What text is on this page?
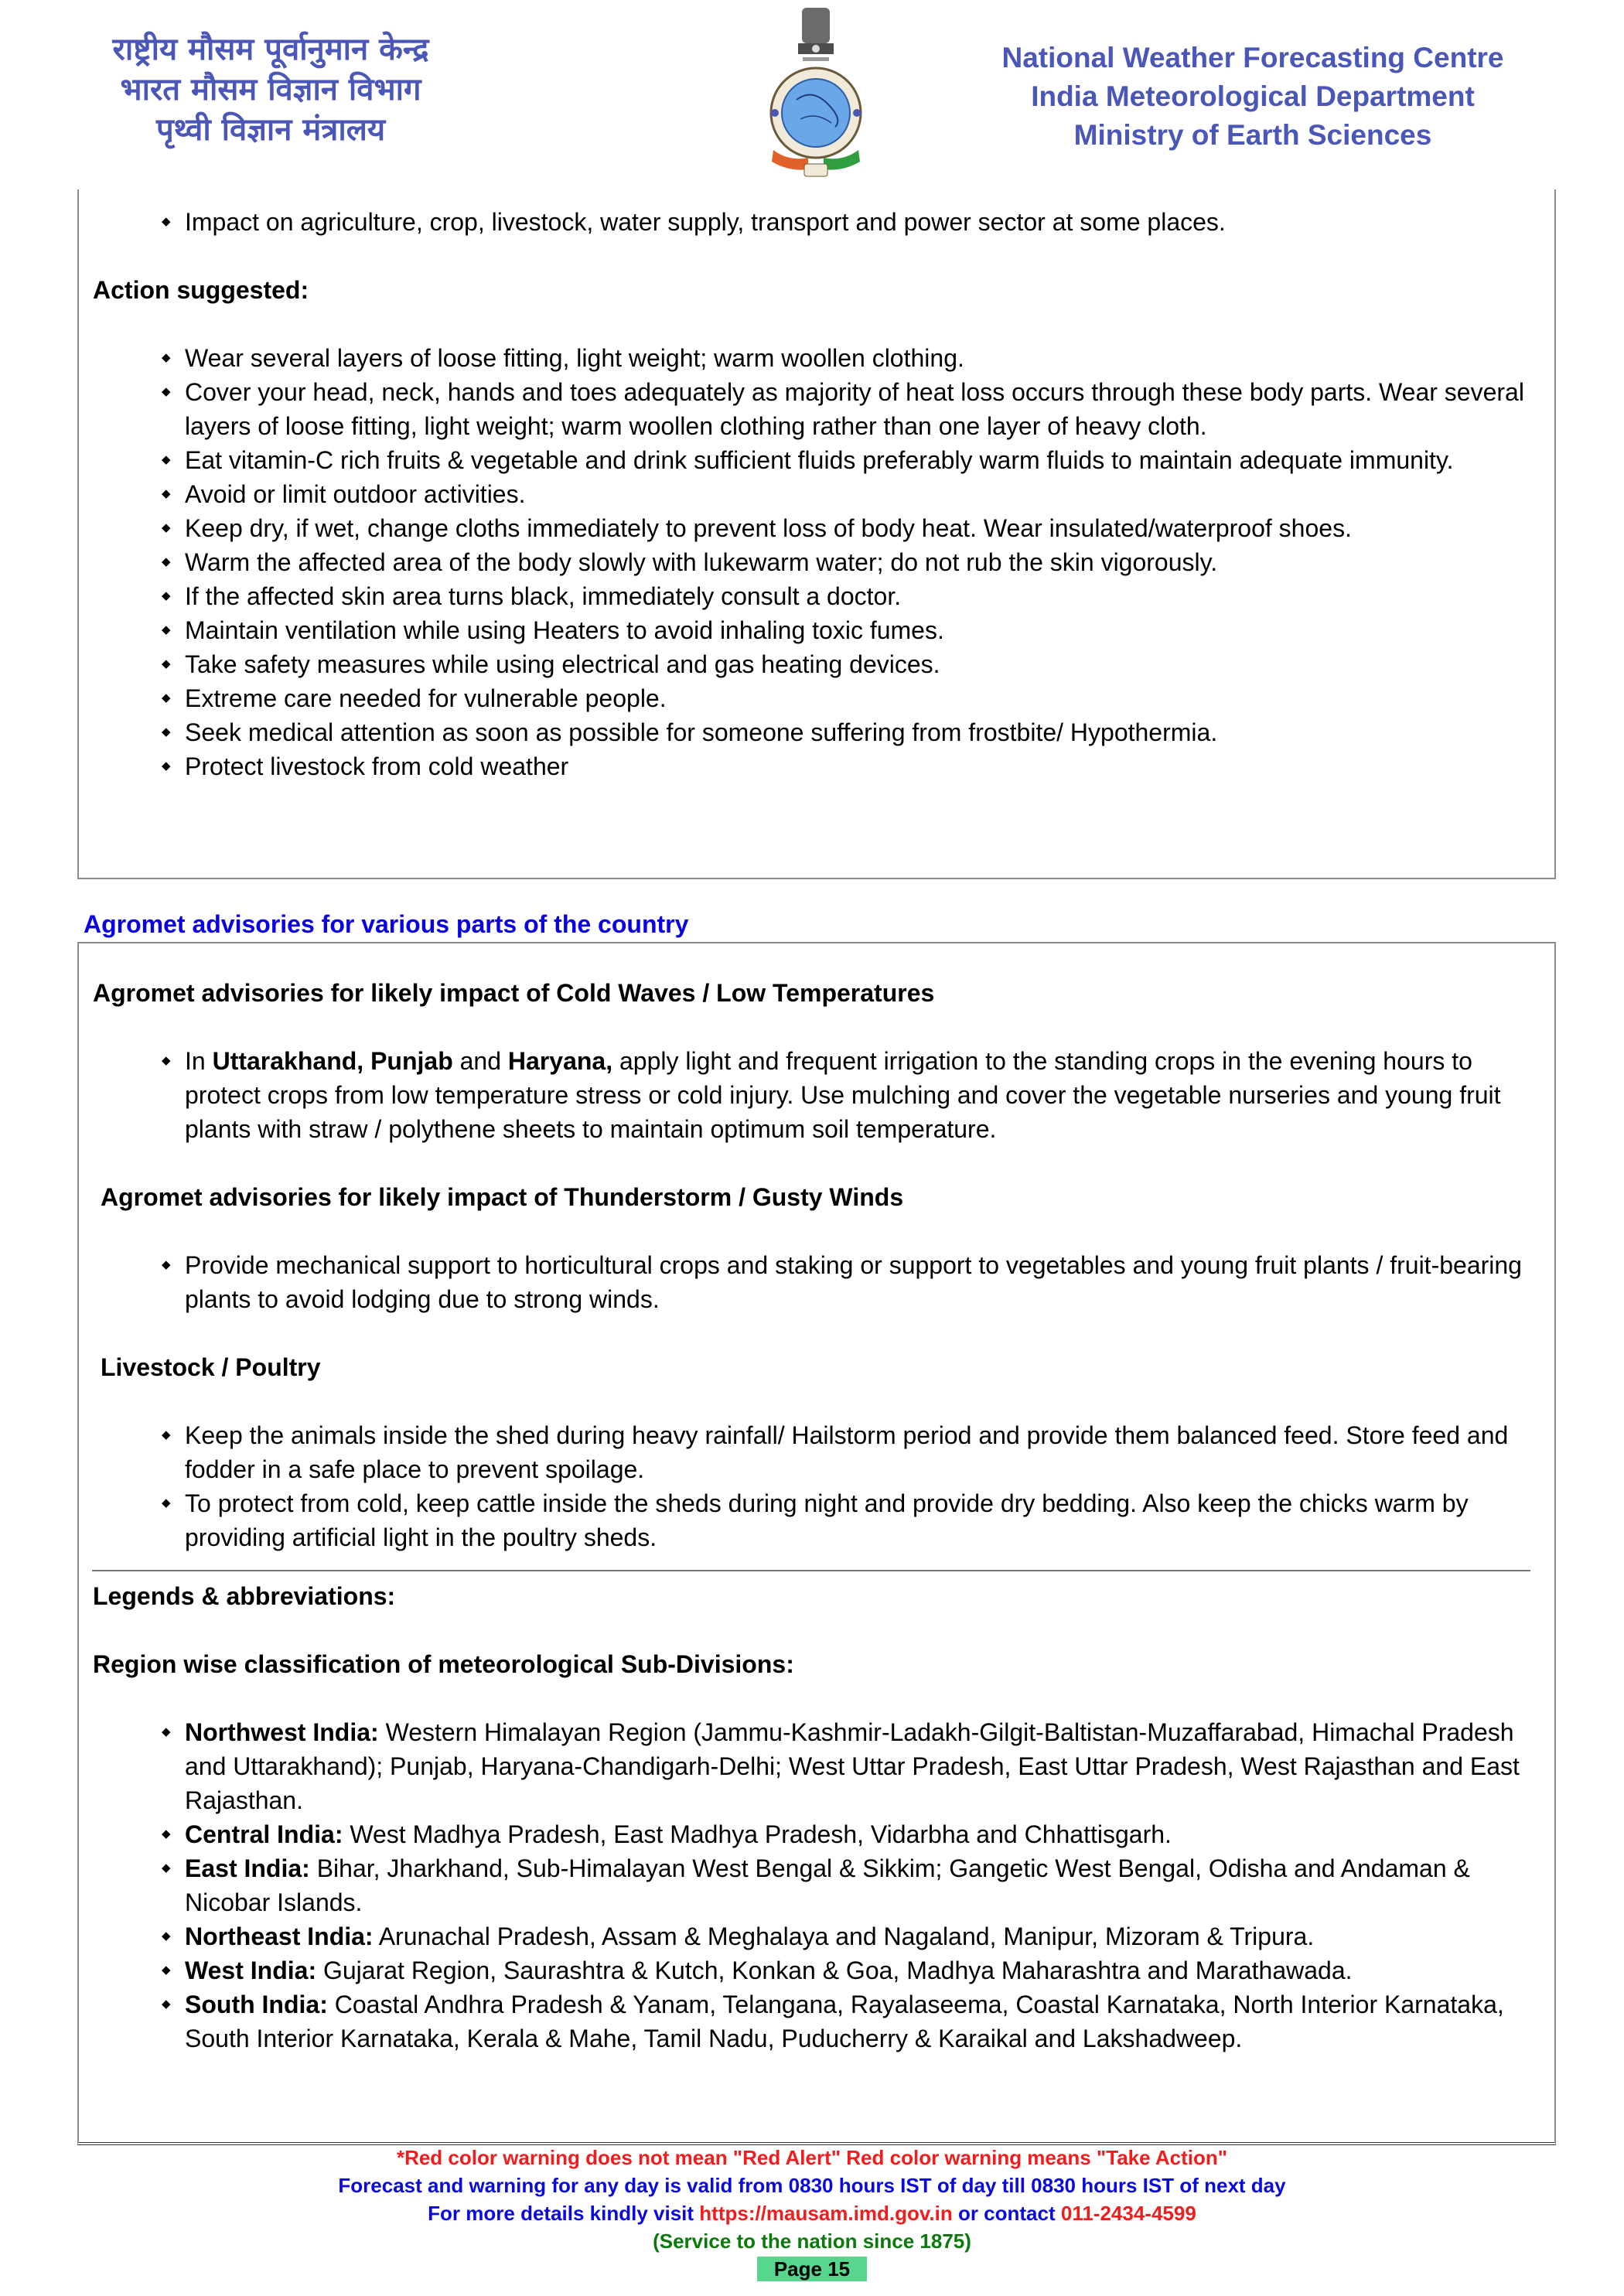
राष्ट्रीय मौसम पूर्वानुमान केन्द्र
भारत मौसम विज्ञान विभाग
पृथ्वी विज्ञान मंत्रालय
National Weather Forecasting Centre
India Meteorological Department
Ministry of Earth Sciences
◆ Impact on agriculture, crop, livestock, water supply, transport and power sector at some places.
Action suggested:
◆ Wear several layers of loose fitting, light weight; warm woollen clothing.
◆ Cover your head, neck, hands and toes adequately as majority of heat loss occurs through these body parts. Wear several layers of loose fitting, light weight; warm woollen clothing rather than one layer of heavy cloth.
◆ Eat vitamin-C rich fruits & vegetable and drink sufficient fluids preferably warm fluids to maintain adequate immunity.
◆ Avoid or limit outdoor activities.
◆ Keep dry, if wet, change cloths immediately to prevent loss of body heat. Wear insulated/waterproof shoes.
◆ Warm the affected area of the body slowly with lukewarm water; do not rub the skin vigorously.
◆ If the affected skin area turns black, immediately consult a doctor.
◆ Maintain ventilation while using Heaters to avoid inhaling toxic fumes.
◆ Take safety measures while using electrical and gas heating devices.
◆ Extreme care needed for vulnerable people.
◆ Seek medical attention as soon as possible for someone suffering from frostbite/ Hypothermia.
◆ Protect livestock from cold weather
Agromet advisories for various parts of the country
Agromet advisories for likely impact of Cold Waves / Low Temperatures
◆ In Uttarakhand, Punjab and Haryana, apply light and frequent irrigation to the standing crops in the evening hours to protect crops from low temperature stress or cold injury. Use mulching and cover the vegetable nurseries and young fruit plants with straw / polythene sheets to maintain optimum soil temperature.
Agromet advisories for likely impact of Thunderstorm / Gusty Winds
◆ Provide mechanical support to horticultural crops and staking or support to vegetables and young fruit plants / fruit-bearing plants to avoid lodging due to strong winds.
Livestock / Poultry
◆ Keep the animals inside the shed during heavy rainfall/ Hailstorm period and provide them balanced feed. Store feed and fodder in a safe place to prevent spoilage.
◆ To protect from cold, keep cattle inside the sheds during night and provide dry bedding. Also keep the chicks warm by providing artificial light in the poultry sheds.
Legends & abbreviations:
Region wise classification of meteorological Sub-Divisions:
◆ Northwest India: Western Himalayan Region (Jammu-Kashmir-Ladakh-Gilgit-Baltistan-Muzaffarabad, Himachal Pradesh and Uttarakhand); Punjab, Haryana-Chandigarh-Delhi; West Uttar Pradesh, East Uttar Pradesh, West Rajasthan and East Rajasthan.
◆ Central India: West Madhya Pradesh, East Madhya Pradesh, Vidarbha and Chhattisgarh.
◆ East India: Bihar, Jharkhand, Sub-Himalayan West Bengal & Sikkim; Gangetic West Bengal, Odisha and Andaman & Nicobar Islands.
◆ Northeast India: Arunachal Pradesh, Assam & Meghalaya and Nagaland, Manipur, Mizoram & Tripura.
◆ West India: Gujarat Region, Saurashtra & Kutch, Konkan & Goa, Madhya Maharashtra and Marathawada.
◆ South India: Coastal Andhra Pradesh & Yanam, Telangana, Rayalaseema, Coastal Karnataka, North Interior Karnataka, South Interior Karnataka, Kerala & Mahe, Tamil Nadu, Puducherry & Karaikal and Lakshadweep.
*Red color warning does not mean "Red Alert" Red color warning means "Take Action"
Forecast and warning for any day is valid from 0830 hours IST of day till 0830 hours IST of next day
For more details kindly visit https://mausam.imd.gov.in or contact 011-2434-4599
(Service to the nation since 1875)
Page 15
